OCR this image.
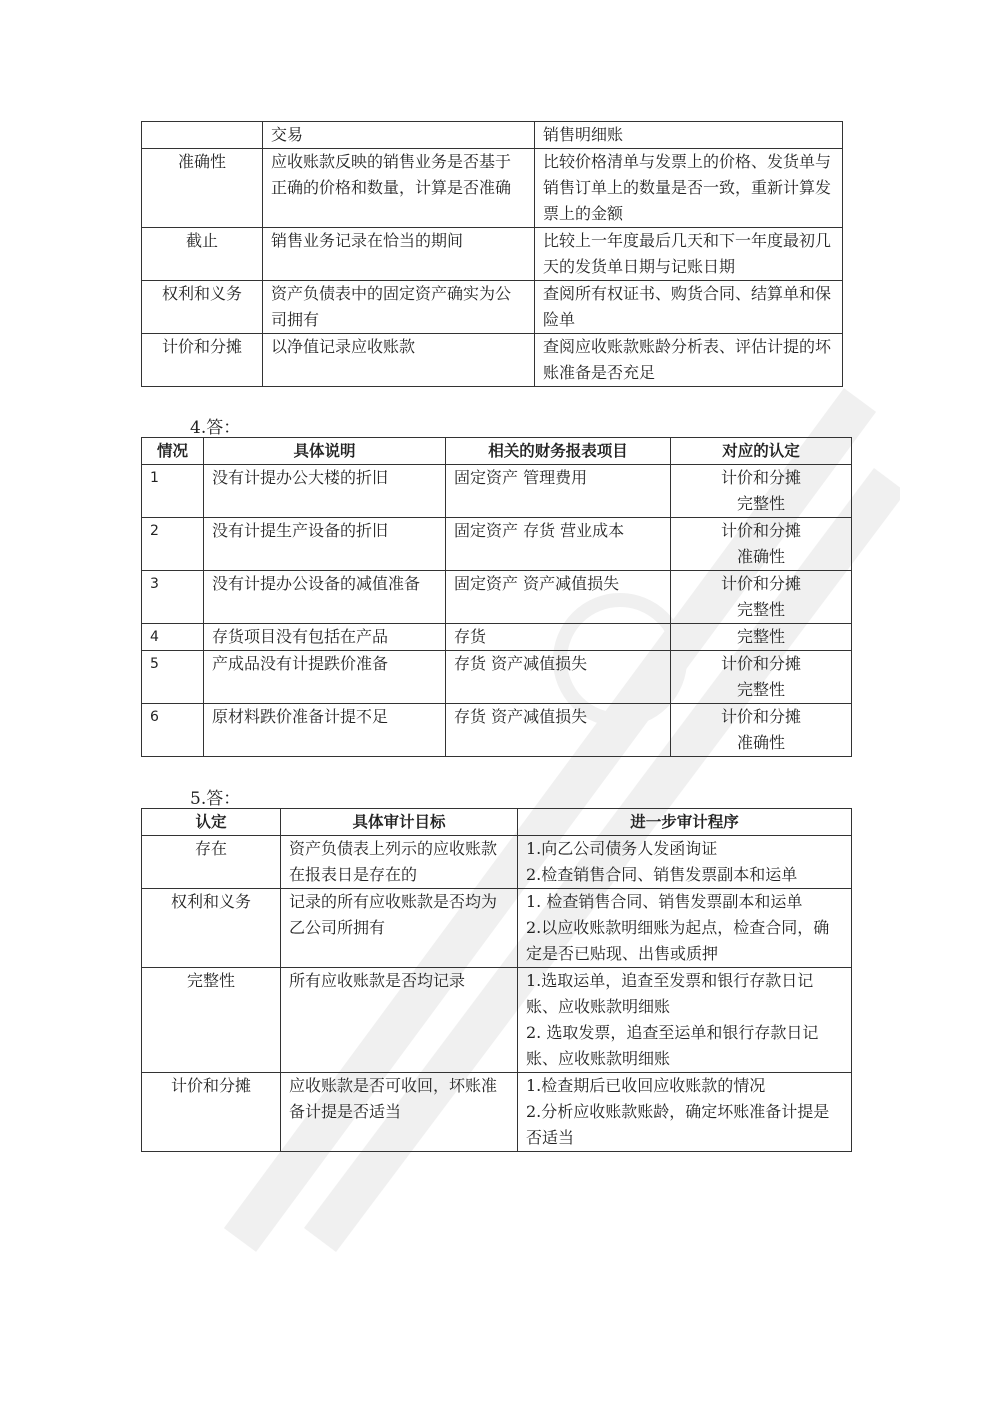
	交易	销售明细账
准确性	应收账款反映的销售业务是否基于正确的价格和数量，计算是否准确	比较价格清单与发票上的价格、发货单与销售订单上的数量是否一致，重新计算发票上的金额
截止	销售业务记录在恰当的期间	比较上一年度最后几天和下一年度最初几天的发货单日期与记账日期
权利和义务	资产负债表中的固定资产确实为公司拥有	查阅所有权证书、购货合同、结算单和保险单
计价和分摊	以净值记录应收账款	查阅应收账款账龄分析表、评估计提的坏账准备是否充足
4.答：
情况	具体说明	相关的财务报表项目	对应的认定
1	没有计提办公大楼的折旧	固定资产 管理费用	计价和分摊
完整性
2	没有计提生产设备的折旧	固定资产 存货 营业成本	计价和分摊
准确性
3	没有计提办公设备的减值准备	固定资产 资产减值损失	计价和分摊
完整性
4	存货项目没有包括在产品	存货	完整性
5	产成品没有计提跌价准备	存货 资产减值损失	计价和分摊
完整性
6	原材料跌价准备计提不足	存货 资产减值损失	计价和分摊
准确性
5.答：
认定	具体审计目标	进一步审计程序
存在	资产负债表上列示的应收账款在报表日是存在的	1.向乙公司债务人发函询证
2.检查销售合同、销售发票副本和运单
权利和义务	记录的所有应收账款是否均为乙公司所拥有	1. 检查销售合同、销售发票副本和运单
2.以应收账款明细账为起点，检查合同，确定是否已贴现、出售或质押
完整性	所有应收账款是否均记录	1.选取运单，追查至发票和银行存款日记账、应收账款明细账
2. 选取发票，追查至运单和银行存款日记账、应收账款明细账
计价和分摊	应收账款是否可收回，坏账准备计提是否适当	1.检查期后已收回应收账款的情况
2.分析应收账款账龄，确定坏账准备计提是否适当
